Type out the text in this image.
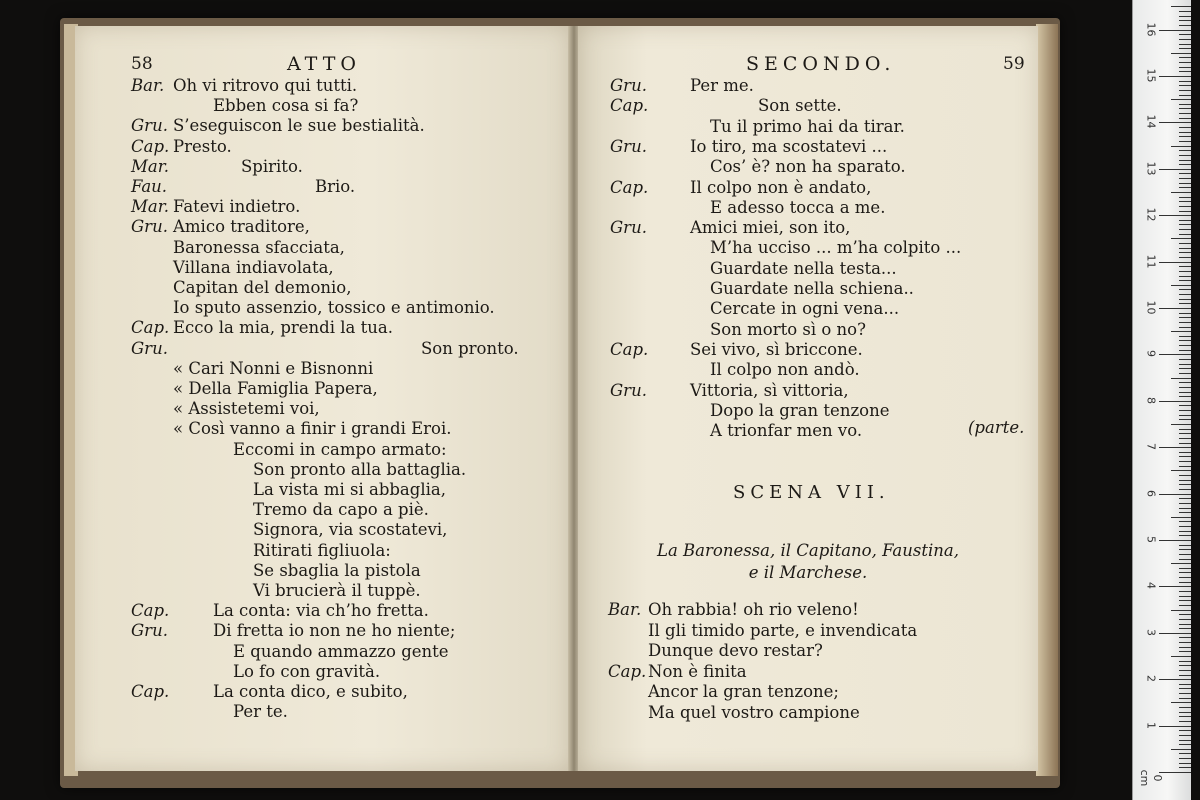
58	ATTO
Bar. Oh vi ritrovo qui tutti.
Ebben cosa si fa?
Gru. S’eseguiscon le sue bestialità.
Cap. Presto.
Mar.	Spirito.
Fau.	Brio.
Mar. Fatevi indietro.
Gru. Amico traditore,
Baronessa sfacciata,
Villana indiavolata,
Capitan del demonio,
Io sputo assenzio, tossico e antimonio.
Cap. Ecco la mia, prendi la tua.
Gru.	Son pronto.
« Cari Nonni e Bisnonni
« Della Famiglia Papera,
« Assistetemi voi,
« Così vanno a finir i grandi Eroi.
Eccomi in campo armato:
Son pronto alla battaglia.
La vista mi si abbaglia,
Tremo da capo a piè.
Signora, via scostatevi,
Ritirati figliuola:
Se sbaglia la pistola
Vi brucierà il tuppè.
Cap.	La conta: via ch’ho fretta.
Gru.	Di fretta io non ne ho niente;
E quando ammazzo gente
Lo fo con gravità.
Cap.	La conta dico, e subito,
Per te.
SECONDO.	59
Gru.	Per me.
Cap.	Son sette.
Tu il primo hai da tirar.
Gru.	Io tiro, ma scostatevi ...
Cos’ è? non ha sparato.
Cap.	Il colpo non è andato,
E adesso tocca a me.
Gru.	Amici miei, son ito,
M’ha ucciso ... m’ha colpito ...
Guardate nella testa...
Guardate nella schiena..
Cercate in ogni vena...
Son morto sì o no?
Cap.	Sei vivo, sì briccone.
Il colpo non andò.
Gru.	Vittoria, sì vittoria,
Dopo la gran tenzone
A trionfar men vo.	(parte.
SCENA VII.
La Baronessa, il Capitano, Faustina,
e il Marchese.
Bar. Oh rabbia! oh rio veleno!
Il gli timido parte, e invendicata
Dunque devo restar?
Cap. Non è finita
Ancor la gran tenzone;
Ma quel vostro campione
0 cm
1
2
3
4
5
6
7
8
9
10
11
12
13
14
15
16
